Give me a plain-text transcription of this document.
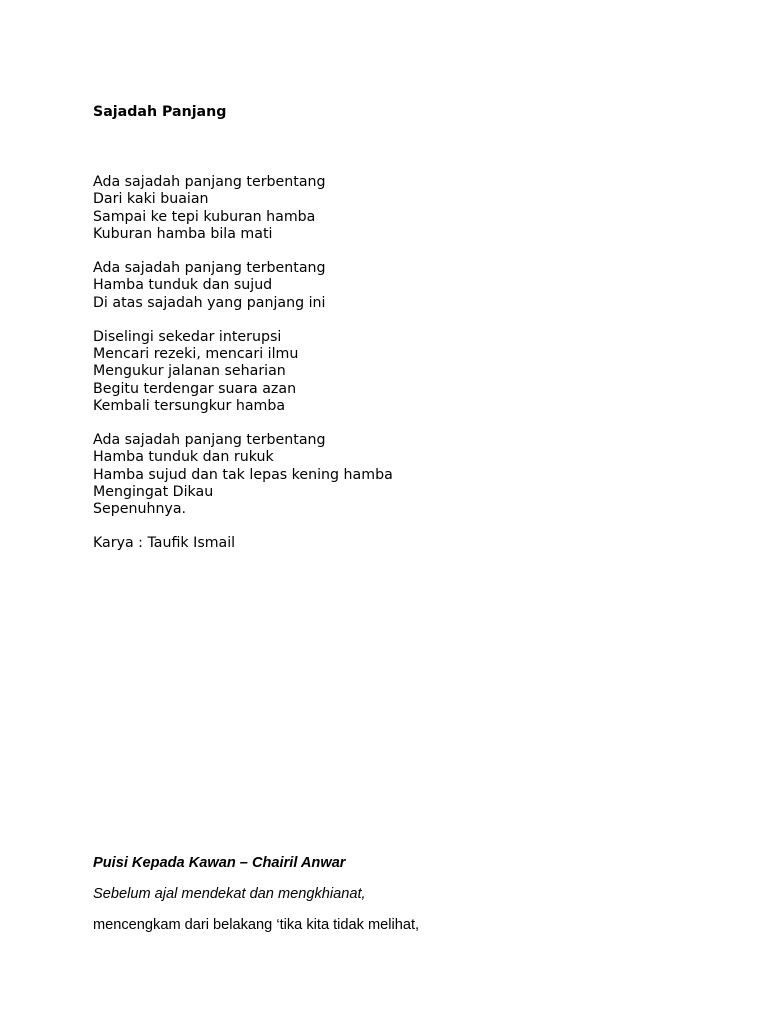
Sajadah Panjang
Ada sajadah panjang terbentang
Dari kaki buaian
Sampai ke tepi kuburan hamba
Kuburan hamba bila mati
Ada sajadah panjang terbentang
Hamba tunduk dan sujud
Di atas sajadah yang panjang ini
Diselingi sekedar interupsi
Mencari rezeki, mencari ilmu
Mengukur jalanan seharian
Begitu terdengar suara azan
Kembali tersungkur hamba
Ada sajadah panjang terbentang
Hamba tunduk dan rukuk
Hamba sujud dan tak lepas kening hamba
Mengingat Dikau
Sepenuhnya.
Karya : Taufik Ismail
Puisi Kepada Kawan – Chairil Anwar
Sebelum ajal mendekat dan mengkhianat,
mencengkam dari belakang ‘tika kita tidak melihat,
